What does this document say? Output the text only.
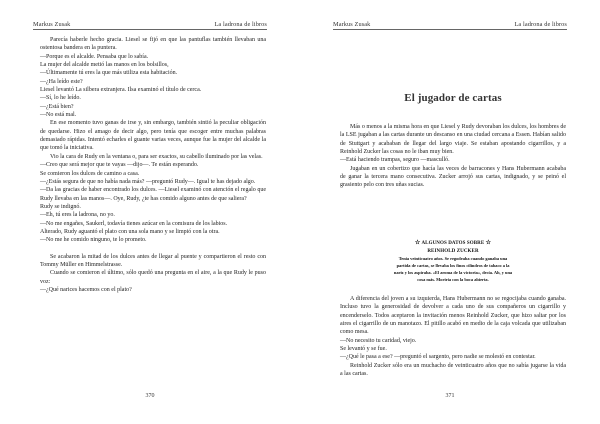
Markus Zusak	La ladrona de libros

Parecía haberle hecho gracia. Liesel se fijó en que las pantuflas también llevaban una ostentosa bandera en la puntera.

—Porque es el alcalde. Pensaba que lo sabía.

La mujer del alcalde metió las manos en los bolsillos,

—Últimamente tú eres la que más utiliza esta habitación.

—¿Ha leído este?

Liesel levantó La silbera extranjera. Ilsa examinó el título de cerca.

—Sí, lo he leído.

—¿Está bien?

—No está mal.

En ese momento tuvo ganas de irse y, sin embargo, también sintió la peculiar obligación de quedarse. Hizo el amago de decir algo, pero tenía que escoger entre muchas palabras demasiado rápidas. Intentó echarles el guante varias veces, aunque fue la mujer del alcalde la que tomó la iniciativa.

Vio la cara de Rudy en la ventana o, para ser exactos, su cabello iluminado por las velas.

—Creo que será mejor que te vayas —dijo—. Te están esperando.

Se comieron los dulces de camino a casa.

—¿Estás segura de que no había nada más? —preguntó Rudy—. Igual te has dejado algo.

—Da las gracias de haber encontrado los dulces. —Liesel examinó con atención el regalo que Rudy llevaba en las manos—. Oye, Rudy, ¿te has comido alguno antes de que saliera?

Rudy se indignó.

—Eh, tú eres la ladrona, no yo.

—No me engañes, Saukerl, todavía tienes azúcar en la comisura de los labios.

Alterado, Rudy aguantó el plato con una sola mano y se limpió con la otra.

—No me he comido ninguno, te lo prometo.

Se acabaron la mitad de los dulces antes de llegar al puente y compartieron el resto con Tommy Müller en Himmelstrasse.

Cuando se comieron el último, sólo quedó una pregunta en el aire, a la que Rudy le puso voz:

—¿Qué narices hacemos con el plato?

370
Markus Zusak	La ladrona de libros
El jugador de cartas

Más o menos a la misma hora en que Liesel y Rudy devoraban los dulces, los hombres de la LSE jugaban a las cartas durante un descanso en una ciudad cercana a Essen. Habían salido de Stuttgart y acababan de llegar del largo viaje. Se estaban apostando cigarrillos, y a Reinhold Zucker las cosas no le iban muy bien.

—Está haciendo trampas, seguro —masculló.

Jugaban en un cobertizo que hacía las veces de barracones y Hans Hubermann acababa de ganar la tercera mano consecutiva. Zucker arrojó sus cartas, indignado, y se peinó el grasiento pelo con tres uñas sucias.

☆ ALGUNOS DATOS SOBRE ☆
REINHOLD ZUCKER
Tenía veinticuatro años. Se regodeaba cuando ganaba una
partida de cartas, se llevaba los finos cilindros de tabaco a la
nariz y los aspiraba. «El aroma de la victoria», decía. Ah, y una
cosa más. Moriría con la boca abierta.

A diferencia del joven a su izquierda, Hans Hubermann no se regocijaba cuando ganaba. Incluso tuvo la generosidad de devolver a cada uno de sus compañeros un cigarrillo y encenderselo. Todos aceptaron la invitación menos Reinhold Zucker, que hizo saltar por los aires el cigarrillo de un manotazo. El pitillo acabó en medio de la caja volcada que utilizaban como mesa.

—No necesito tu caridad, viejo.

Se levantó y se fue.

—¿Qué le pasa a ese? —preguntó el sargento, pero nadie se molestó en contestar.

Reinhold Zucker sólo era un muchacho de veinticuatro años que no sabía jugarse la vida a las cartas.

371
